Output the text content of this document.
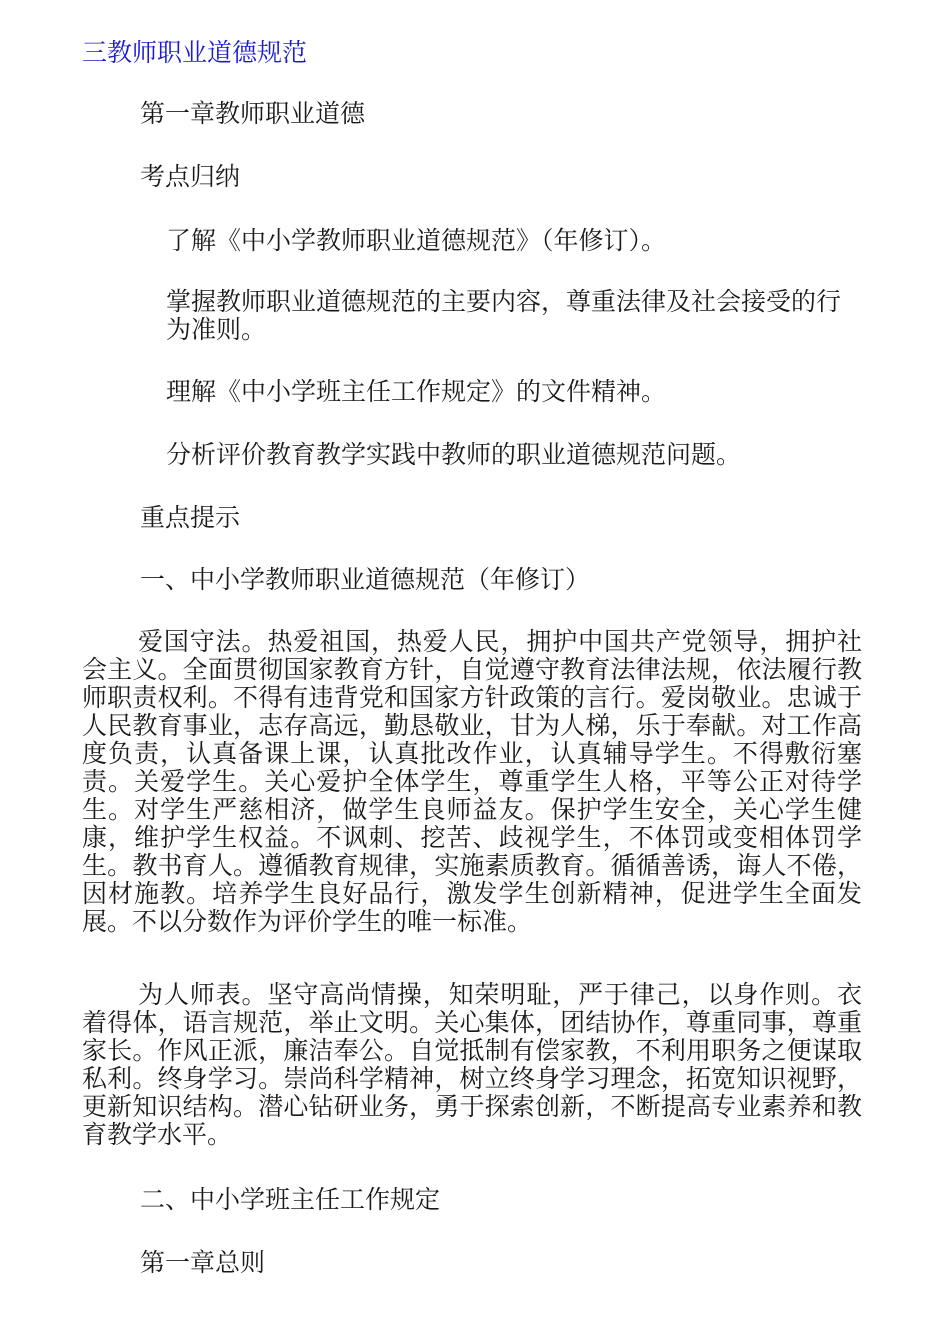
三教师职业道德规范
第一章教师职业道德
考点归纳
了解《中小学教师职业道德规范》（年修订）。
掌握教师职业道德规范的主要内容，尊重法律及社会接受的行为准则。
理解《中小学班主任工作规定》的文件精神。
分析评价教育教学实践中教师的职业道德规范问题。
重点提示
一、中小学教师职业道德规范（年修订）

爱国守法。热爱祖国，热爱人民，拥护中国共产党领导，拥护社会主义。全面贯彻国家教育方针，自觉遵守教育法律法规，依法履行教师职责权利。不得有违背党和国家方针政策的言行。爱岗敬业。忠诚于人民教育事业，志存高远，勤恳敬业，甘为人梯，乐于奉献。对工作高度负责，认真备课上课，认真批改作业，认真辅导学生。不得敷衍塞责。关爱学生。关心爱护全体学生，尊重学生人格，平等公正对待学生。对学生严慈相济，做学生良师益友。保护学生安全，关心学生健康，维护学生权益。不讽刺、挖苦、歧视学生，不体罚或变相体罚学生。教书育人。遵循教育规律，实施素质教育。循循善诱，诲人不倦，因材施教。培养学生良好品行，激发学生创新精神，促进学生全面发展。不以分数作为评价学生的唯一标准。

为人师表。坚守高尚情操，知荣明耻，严于律己，以身作则。衣着得体，语言规范，举止文明。关心集体，团结协作，尊重同事，尊重家长。作风正派，廉洁奉公。自觉抵制有偿家教，不利用职务之便谋取私利。终身学习。崇尚科学精神，树立终身学习理念，拓宽知识视野，更新知识结构。潜心钻研业务，勇于探索创新，不断提高专业素养和教育教学水平。

二、中小学班主任工作规定
第一章总则
